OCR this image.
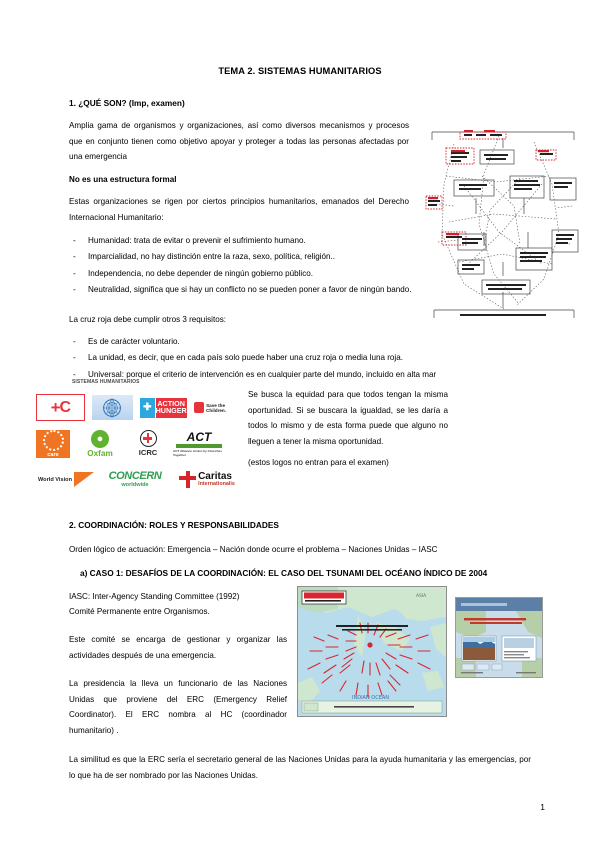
TEMA 2. SISTEMAS HUMANITARIOS
1. ¿QUÉ SON? (Imp, examen)
Amplia gama de organismos y organizaciones, así como diversos mecanismos y procesos que en conjunto tienen como objetivo apoyar y proteger a todas las personas afectadas por una emergencia
No es una estructura formal
Estas organizaciones se rigen por ciertos principios humanitarios, emanados del Derecho Internacional Humanitario:
- Humanidad: trata de evitar o prevenir el sufrimiento humano.
- Imparcialidad, no hay distinción entre la raza, sexo, política, religión..
- Independencia, no debe depender de ningún gobierno público.
- Neutralidad, significa que si hay un conflicto no se pueden poner a favor de ningún bando.
La cruz roja debe cumplir otros 3 requisitos:
- Es de carácter voluntario.
- La unidad, es decir, que en cada país solo puede haber una cruz roja o media luna roja.
- Universal: porque el criterio de intervención es en cualquier parte del mundo, incluido en alta mar
SISTEMAS HUMANITARIOS
+ C	✚ ACTION
HUNGER
Save the Children.
care
●
Oxfam	ICRC
ACT
ACT Alliance Action by Churches Together
World Vision	CONCERN
worldwide
Caritas
Internationalis
Se busca la equidad para que todos tengan la misma oportunidad. Si se buscara la igualdad, se les daría a todos lo mismo y de esta forma puede que alguno no lleguen a tener la misma oportunidad.
(estos logos no entran para el examen)
2. COORDINACIÓN: ROLES Y RESPONSABILIDADES
Orden lógico de actuación: Emergencia – Nación donde ocurre el problema – Naciones Unidas – IASC
a) CASO 1: DESAFÍOS DE LA COORDINACIÓN: EL CASO DEL TSUNAMI DEL OCÉANO ÍNDICO DE 2004
IASC: Inter-Agency Standing Committee (1992)
Comité Permanente entre Organismos.
Este comité se encarga de gestionar y organizar las actividades después de una emergencia.
La presidencia la lleva un funcionario de las Naciones Unidas que proviene del ERC (Emergency Relief Coordinator). El ERC nombra al HC (coordinador humanitario) .
La similitud es que la ERC sería el secretario general de las Naciones Unidas para la ayuda humanitaria y las emergencias, por lo que ha de ser nombrado por las Naciones Unidas.
INDIAN OCEAN
ASIA
1
